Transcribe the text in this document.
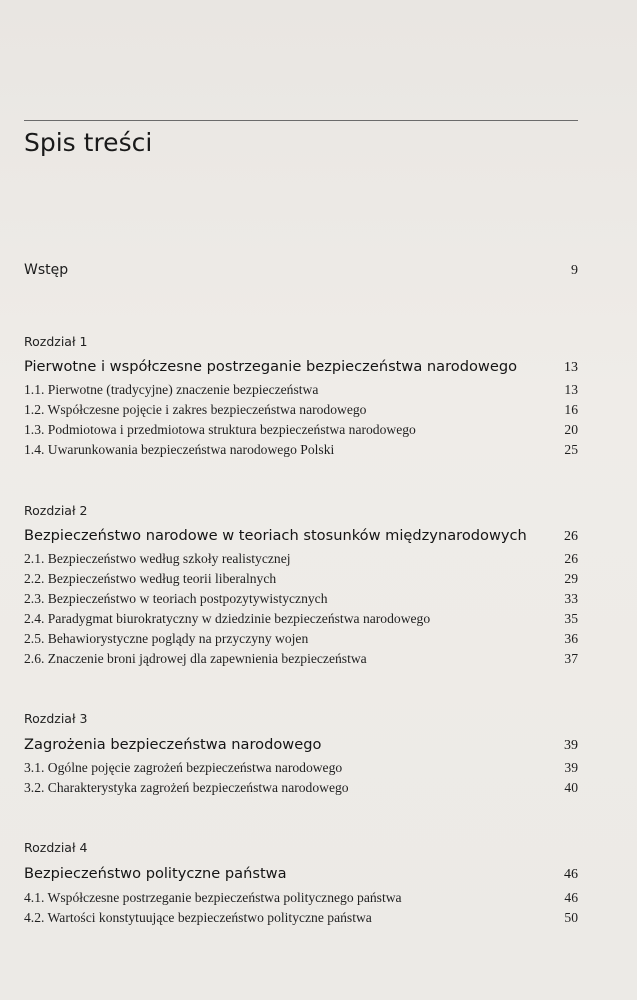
Spis treści
Wstęp	9
Rozdział 1
Pierwotne i współczesne postrzeganie bezpieczeństwa narodowego	13
1.1. Pierwotne (tradycyjne) znaczenie bezpieczeństwa	13
1.2. Współczesne pojęcie i zakres bezpieczeństwa narodowego	16
1.3. Podmiotowa i przedmiotowa struktura bezpieczeństwa narodowego	20
1.4. Uwarunkowania bezpieczeństwa narodowego Polski	25
Rozdział 2
Bezpieczeństwo narodowe w teoriach stosunków międzynarodowych	26
2.1. Bezpieczeństwo według szkoły realistycznej	26
2.2. Bezpieczeństwo według teorii liberalnych	29
2.3. Bezpieczeństwo w teoriach postpozytywistycznych	33
2.4. Paradygmat biurokratyczny w dziedzinie bezpieczeństwa narodowego	35
2.5. Behawiorystyczne poglądy na przyczyny wojen	36
2.6. Znaczenie broni jądrowej dla zapewnienia bezpieczeństwa	37
Rozdział 3
Zagrożenia bezpieczeństwa narodowego	39
3.1. Ogólne pojęcie zagrożeń bezpieczeństwa narodowego	39
3.2. Charakterystyka zagrożeń bezpieczeństwa narodowego	40
Rozdział 4
Bezpieczeństwo polityczne państwa	46
4.1. Współczesne postrzeganie bezpieczeństwa politycznego państwa	46
4.2. Wartości konstytuujące bezpieczeństwo polityczne państwa	50
